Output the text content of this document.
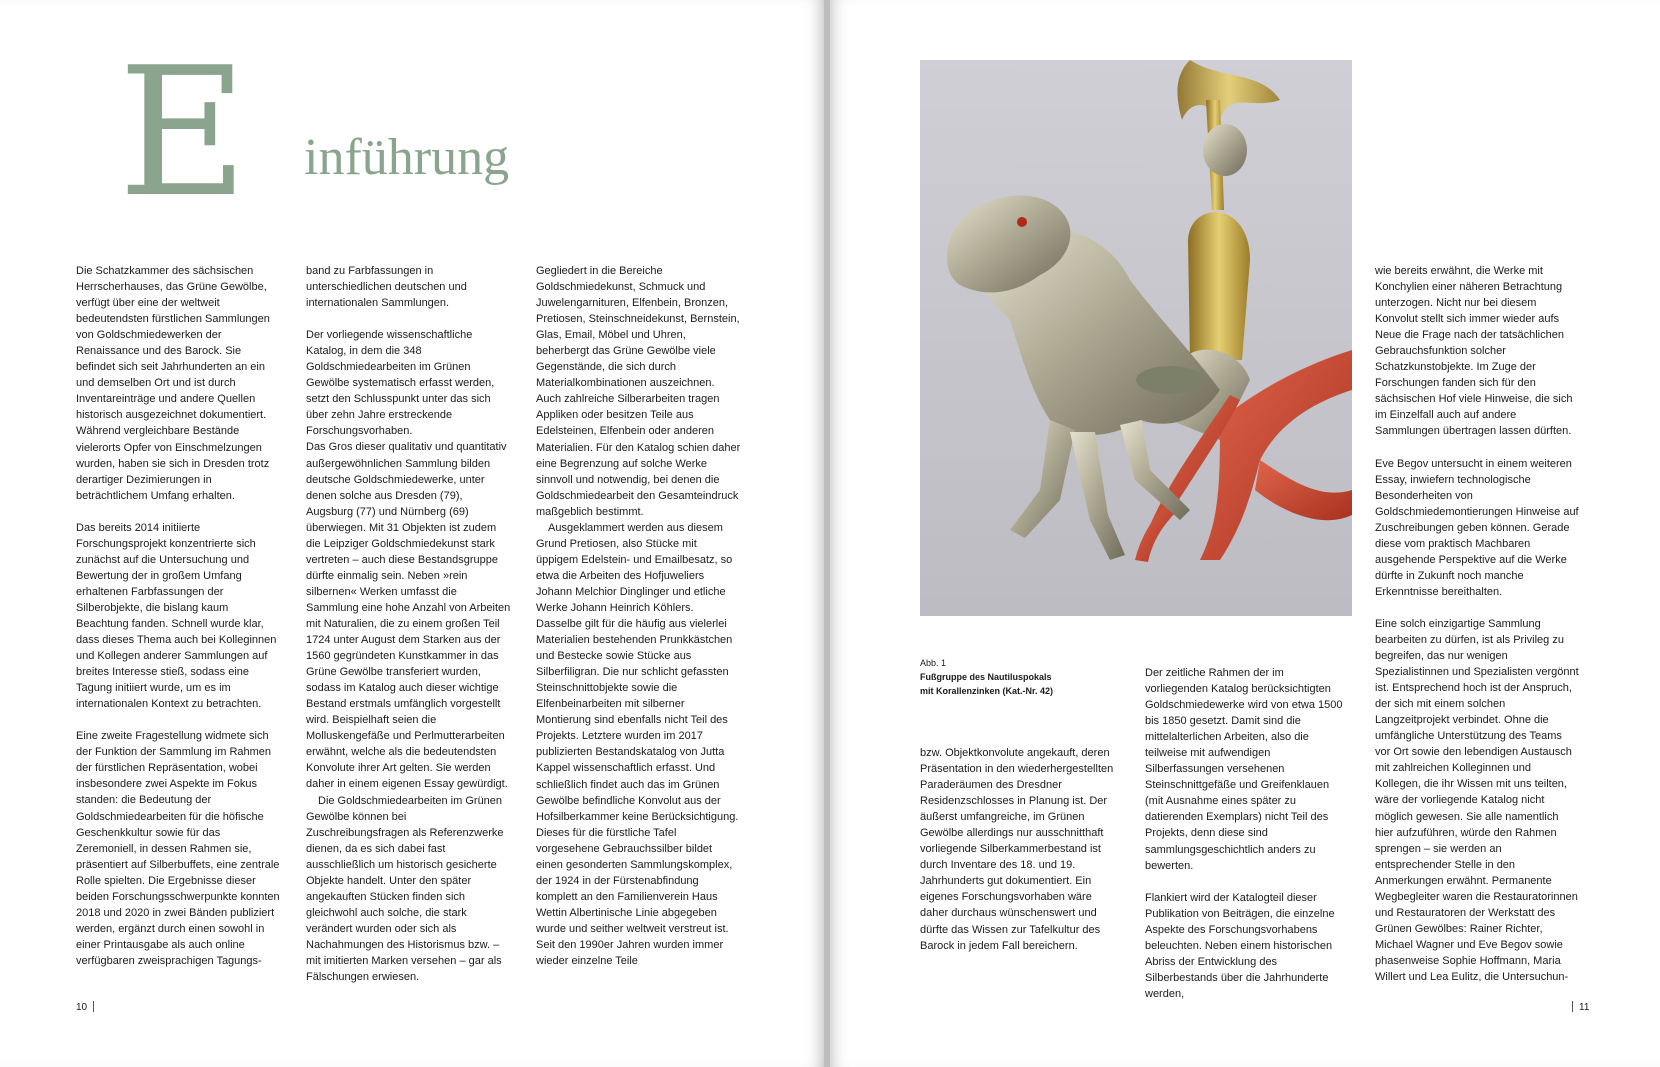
E inführung

Die Schatzkammer des sächsischen Herrscherhauses, das Grüne Gewölbe, verfügt über eine der weltweit bedeutendsten fürstlichen Sammlungen von Goldschmiedewerken der Renaissance und des Barock. Sie befindet sich seit Jahrhunderten an ein und demselben Ort und ist durch Inventareinträge und andere Quellen historisch ausgezeichnet dokumentiert. Während vergleichbare Bestände vielerorts Opfer von Einschmelzungen wurden, haben sie sich in Dresden trotz derartiger Dezimierungen in beträchtlichem Umfang erhalten.

Das bereits 2014 initiierte Forschungsprojekt konzentrierte sich zunächst auf die Untersuchung und Bewertung der in großem Umfang erhaltenen Farbfassungen der Silberobjekte, die bislang kaum Beachtung fanden. Schnell wurde klar, dass dieses Thema auch bei Kolleginnen und Kollegen anderer Sammlungen auf breites Interesse stieß, sodass eine Tagung initiiert wurde, um es im internationalen Kontext zu betrachten.

Eine zweite Fragestellung widmete sich der Funktion der Sammlung im Rahmen der fürstlichen Repräsentation, wobei insbesondere zwei Aspekte im Fokus standen: die Bedeutung der Goldschmiedearbeiten für die höfische Geschenkkultur sowie für das Zeremoniell, in dessen Rahmen sie, präsentiert auf Silberbuffets, eine zentrale Rolle spielten. Die Ergebnisse dieser beiden Forschungsschwerpunkte konnten 2018 und 2020 in zwei Bänden publiziert werden, ergänzt durch einen sowohl in einer Printausgabe als auch online verfügbaren zweisprachigen Tagungs-

band zu Farbfassungen in unterschiedlichen deutschen und internationalen Sammlungen.

Der vorliegende wissenschaftliche Katalog, in dem die 348 Goldschmiedearbeiten im Grünen Gewölbe systematisch erfasst werden, setzt den Schlusspunkt unter das sich über zehn Jahre erstreckende Forschungsvorhaben.

Das Gros dieser qualitativ und quantitativ außergewöhnlichen Sammlung bilden deutsche Goldschmiedewerke, unter denen solche aus Dresden (79), Augsburg (77) und Nürnberg (69) überwiegen. Mit 31 Objekten ist zudem die Leipziger Goldschmiedekunst stark vertreten – auch diese Bestandsgruppe dürfte einmalig sein. Neben »rein silbernen« Werken umfasst die Sammlung eine hohe Anzahl von Arbeiten mit Naturalien, die zu einem großen Teil 1724 unter August dem Starken aus der 1560 gegründeten Kunstkammer in das Grüne Gewölbe transferiert wurden, sodass im Katalog auch dieser wichtige Bestand erstmals umfänglich vorgestellt wird. Beispielhaft seien die Molluskengefäße und Perlmutterarbeiten erwähnt, welche als die bedeutendsten Konvolute ihrer Art gelten. Sie werden daher in einem eigenen Essay gewürdigt.

Die Goldschmiedearbeiten im Grünen Gewölbe können bei Zuschreibungsfragen als Referenzwerke dienen, da es sich dabei fast ausschließlich um historisch gesicherte Objekte handelt. Unter den später angekauften Stücken finden sich gleichwohl auch solche, die stark verändert wurden oder sich als Nachahmungen des Historismus bzw. – mit imitierten Marken versehen – gar als Fälschungen erwiesen.

Gegliedert in die Bereiche Goldschmiedekunst, Schmuck und Juwelengarnituren, Elfenbein, Bronzen, Pretiosen, Steinschneidekunst, Bernstein, Glas, Email, Möbel und Uhren, beherbergt das Grüne Gewölbe viele Gegenstände, die sich durch Materialkombinationen auszeichnen. Auch zahlreiche Silberarbeiten tragen Appliken oder besitzen Teile aus Edelsteinen, Elfenbein oder anderen Materialien. Für den Katalog schien daher eine Begrenzung auf solche Werke sinnvoll und notwendig, bei denen die Goldschmiedearbeit den Gesamteindruck maßgeblich bestimmt.

Ausgeklammert werden aus diesem Grund Pretiosen, also Stücke mit üppigem Edelstein- und Emailbesatz, so etwa die Arbeiten des Hofjuweliers Johann Melchior Dinglinger und etliche Werke Johann Heinrich Köhlers. Dasselbe gilt für die häufig aus vielerlei Materialien bestehenden Prunkkästchen und Bestecke sowie Stücke aus Silberfiligran. Die nur schlicht gefassten Steinschnittobjekte sowie die Elfenbeinarbeiten mit silberner Montierung sind ebenfalls nicht Teil des Projekts. Letztere wurden im 2017 publizierten Bestandskatalog von Jutta Kappel wissenschaftlich erfasst. Und schließlich findet auch das im Grünen Gewölbe befindliche Konvolut aus der Hofsilberkammer keine Berücksichtigung. Dieses für die fürstliche Tafel vorgesehene Gebrauchssilber bildet einen gesonderten Sammlungskomplex, der 1924 in der Fürstenabfindung komplett an den Familienverein Haus Wettin Albertinische Linie abgegeben wurde und seither weltweit verstreut ist. Seit den 1990er Jahren wurden immer wieder einzelne Teile

10
Abb. 1
Fußgruppe des Nautiluspokals
mit Korallenzinken (Kat.-Nr. 42)

bzw. Objektkonvolute angekauft, deren Präsentation in den wiederhergestellten Paraderäumen des Dresdner Residenzschlosses in Planung ist. Der äußerst umfangreiche, im Grünen Gewölbe allerdings nur ausschnitthaft vorliegende Silberkammerbestand ist durch Inventare des 18. und 19. Jahrhunderts gut dokumentiert. Ein eigenes Forschungsvorhaben wäre daher durchaus wünschenswert und dürfte das Wissen zur Tafelkultur des Barock in jedem Fall bereichern.

Der zeitliche Rahmen der im vorliegenden Katalog berücksichtigten Goldschmiedewerke wird von etwa 1500 bis 1850 gesetzt. Damit sind die mittelalterlichen Arbeiten, also die teilweise mit aufwendigen Silberfassungen versehenen Steinschnittgefäße und Greifenklauen (mit Ausnahme eines später zu datierenden Exemplars) nicht Teil des Projekts, denn diese sind sammlungsgeschichtlich anders zu bewerten.

Flankiert wird der Katalogteil dieser Publikation von Beiträgen, die einzelne Aspekte des Forschungsvorhabens beleuchten. Neben einem historischen Abriss der Entwicklung des Silberbestands über die Jahrhunderte werden,

wie bereits erwähnt, die Werke mit Konchylien einer näheren Betrachtung unterzogen. Nicht nur bei diesem Konvolut stellt sich immer wieder aufs Neue die Frage nach der tatsächlichen Gebrauchsfunktion solcher Schatzkunstobjekte. Im Zuge der Forschungen fanden sich für den sächsischen Hof viele Hinweise, die sich im Einzelfall auch auf andere Sammlungen übertragen lassen dürften.

Eve Begov untersucht in einem weiteren Essay, inwiefern technologische Besonderheiten von Goldschmiedemontierungen Hinweise auf Zuschreibungen geben können. Gerade diese vom praktisch Machbaren ausgehende Perspektive auf die Werke dürfte in Zukunft noch manche Erkenntnisse bereithalten.

Eine solch einzigartige Sammlung bearbeiten zu dürfen, ist als Privileg zu begreifen, das nur wenigen Spezialistinnen und Spezialisten vergönnt ist. Entsprechend hoch ist der Anspruch, der sich mit einem solchen Langzeitprojekt verbindet. Ohne die umfängliche Unterstützung des Teams vor Ort sowie den lebendigen Austausch mit zahlreichen Kolleginnen und Kollegen, die ihr Wissen mit uns teilten, wäre der vorliegende Katalog nicht möglich gewesen. Sie alle namentlich hier aufzuführen, würde den Rahmen sprengen – sie werden an entsprechender Stelle in den Anmerkungen erwähnt. Permanente Wegbegleiter waren die Restauratorinnen und Restauratoren der Werkstatt des Grünen Gewölbes: Rainer Richter, Michael Wagner und Eve Begov sowie phasenweise Sophie Hoffmann, Maria Willert und Lea Eulitz, die Untersuchun-

11
